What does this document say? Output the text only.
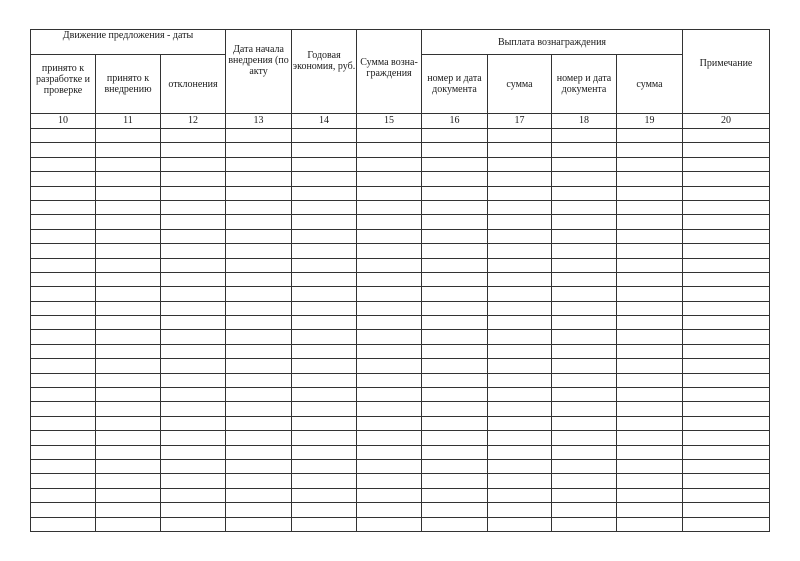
Движение предложения - даты			Дата начала внедрения (по акту	Годовая экономия, руб.	Сумма возна-граждения	Выплата вознаграждения				Примечание
принято к разработке и проверке	принято к внедрению	отклонения				номер и дата документа	сумма	номер и дата документа	сумма	
10	11	12	13	14	15	16	17	18	19	20
